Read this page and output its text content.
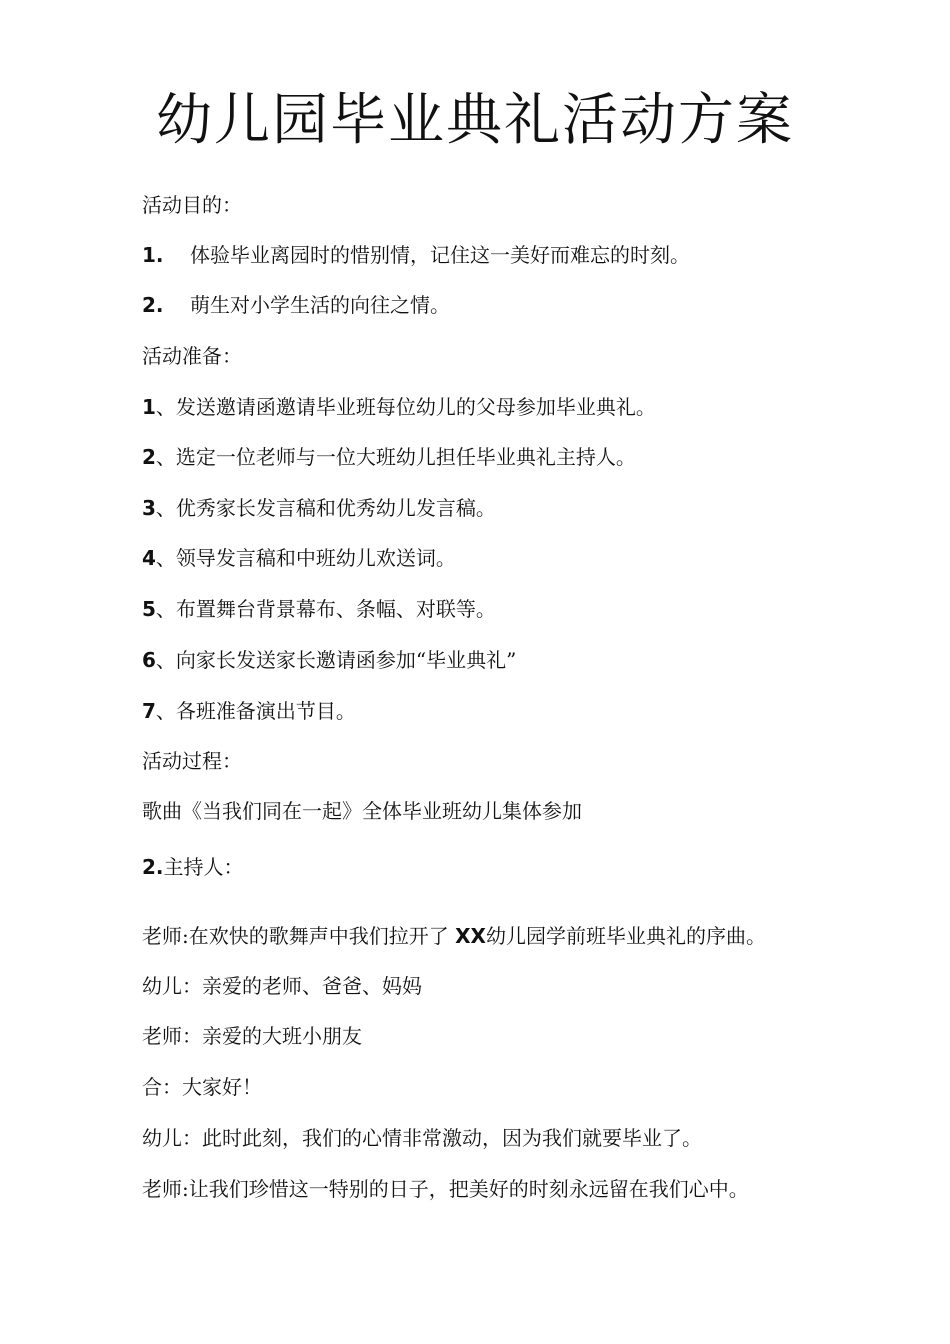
幼儿园毕业典礼活动方案

活动目的：

1. 体验毕业离园时的惜别情，记住这一美好而难忘的时刻。

2. 萌生对小学生活的向往之情。

活动准备：

1、发送邀请函邀请毕业班每位幼儿的父母参加毕业典礼。

2、选定一位老师与一位大班幼儿担任毕业典礼主持人。

3、优秀家长发言稿和优秀幼儿发言稿。

4、领导发言稿和中班幼儿欢送词。

5、布置舞台背景幕布、条幅、对联等。

6、向家长发送家长邀请函参加“毕业典礼”

7、各班准备演出节目。

活动过程：

歌曲《当我们同在一起》全体毕业班幼儿集体参加

2.主持人：

老师:在欢快的歌舞声中我们拉开了 XX幼儿园学前班毕业典礼的序曲。

幼儿：亲爱的老师、爸爸、妈妈

老师：亲爱的大班小朋友

合：大家好！

幼儿：此时此刻，我们的心情非常激动，因为我们就要毕业了。

老师:让我们珍惜这一特别的日子，把美好的时刻永远留在我们心中。
